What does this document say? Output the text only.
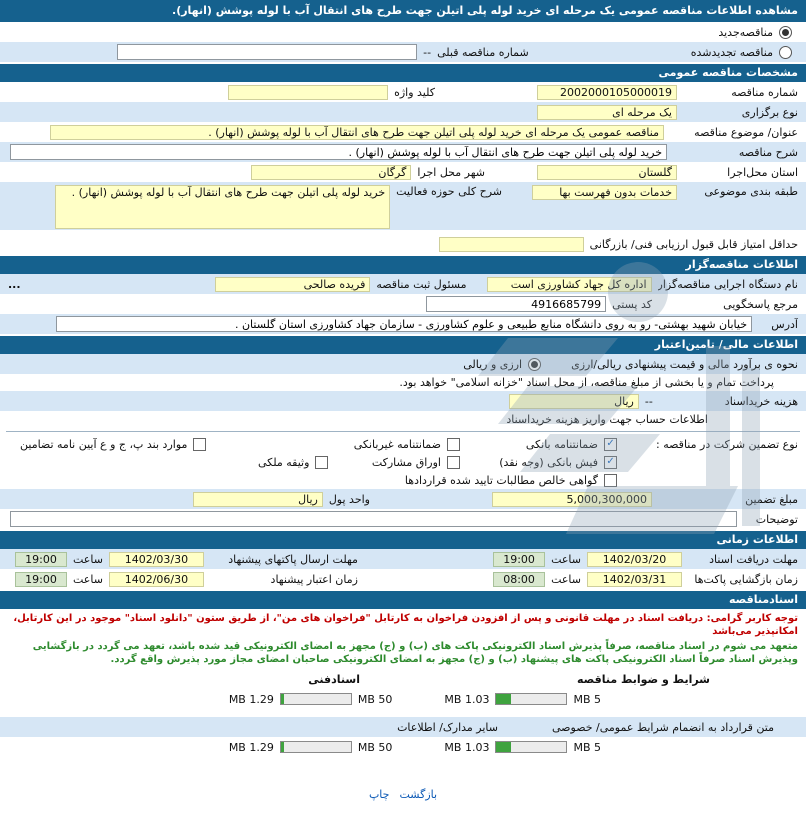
مشاهده اطلاعات مناقصه عمومی یک مرحله ای خرید لوله پلی اتیلن جهت طرح های انتقال آب با لوله پوشش (انهار).
مناقصه‌جدید
مناقصه تجدیدشده
شماره مناقصه قبلی
--
مشخصات مناقصه عمومی
شماره مناقصه
2002000105000019
کلید واژه
نوع برگزاری
یک مرحله ای
عنوان/ موضوع مناقصه
مناقصه عمومی یک مرحله ای خرید لوله پلی اتیلن جهت طرح های انتقال آب با لوله پوشش (انهار) .
شرح مناقصه
خرید لوله پلی اتیلن جهت طرح های انتقال آب با لوله پوشش (انهار) .
استان محل‌اجرا
گلستان
شهر محل اجرا
گرگان
طبقه بندی موضوعی
خدمات بدون فهرست بها
شرح کلی حوزه فعالیت
خرید لوله پلی اتیلن جهت طرح های انتقال آب با لوله پوشش (انهار) .
حداقل امتیاز قابل قبول ارزیابی فنی/ بازرگانی
اطلاعات مناقصه‌گزار
نام دستگاه اجرایی مناقصه‌گزار
اداره کل جهاد کشاورزی است
مسئول ثبت مناقصه
فریده صالحی
...
مرجع پاسخگویی
کد پستی
4916685799
آدرس
خیابان شهید بهشتی- رو به روی دانشگاه منابع طبیعی و علوم کشاورزی - سازمان جهاد کشاورزی استان گلستان .
اطلاعات مالی/ تامین‌اعتبار
نحوه ی برآورد مالی و قیمت پیشنهادی ریالی/ارزی
ارزی و ریالی
پرداخت تمام و یا بخشی از مبلغ مناقصه، از محل اسناد "خزانه اسلامی" خواهد بود.
هزینه خریداسناد
--
ریال
اطلاعات حساب جهت واریز هزینه خریداسناد
نوع تضمین شرکت در مناقصه :
✓
ضمانتنامه بانکی
ضمانتنامه غیربانکی
موارد بند پ، ج و ع آیین نامه تضامین
✓
فیش بانکی (وجه نقد)
اوراق مشارکت
وثیقه ملکی
گواهی خالص مطالبات تایید شده قراردادها
مبلغ تضمین
5,000,300,000
واحد پول
ریال
توضیحات
اطلاعات زمانی
مهلت دریافت اسناد
1402/03/20
ساعت
19:00
مهلت ارسال پاکتهای پیشنهاد
1402/03/30
ساعت
19:00
زمان بازگشایی پاکت‌ها
1402/03/31
ساعت
08:00
زمان اعتبار پیشنهاد
1402/06/30
ساعت
19:00
اسنادمناقصه
توجه کاربر گرامی: دریافت اسناد در مهلت قانونی و پس از افزودن فراخوان به کارتابل "فراخوان های من"، از طریق ستون "دانلود اسناد" موجود در این کارتابل، امکانپذیر می‌باشد
متعهد می شوم در اسناد مناقصه، صرفاً پذیرش اسناد الکترونیکی پاکت های (ب) و (ج) مجهز به امضای الکترونیکی قید شده باشد، تعهد می گردد در بازگشایی وپذیرش اسناد صرفاً اسناد الکترونیکی پاکت های پیشنهاد (ب) و (ج) مجهز به امضای الکترونیکی صاحبان امضای مجاز مورد پذیرش واقع گردد.
شرایط و ضوابط مناقصه
اسنادفنی
5 MB
1.03 MB
50 MB
1.29 MB
متن قرارداد به انضمام شرایط عمومی/ خصوصی
سایر مدارک/ اطلاعات
5 MB
1.03 MB
50 MB
1.29 MB
بازگشت
چاپ
